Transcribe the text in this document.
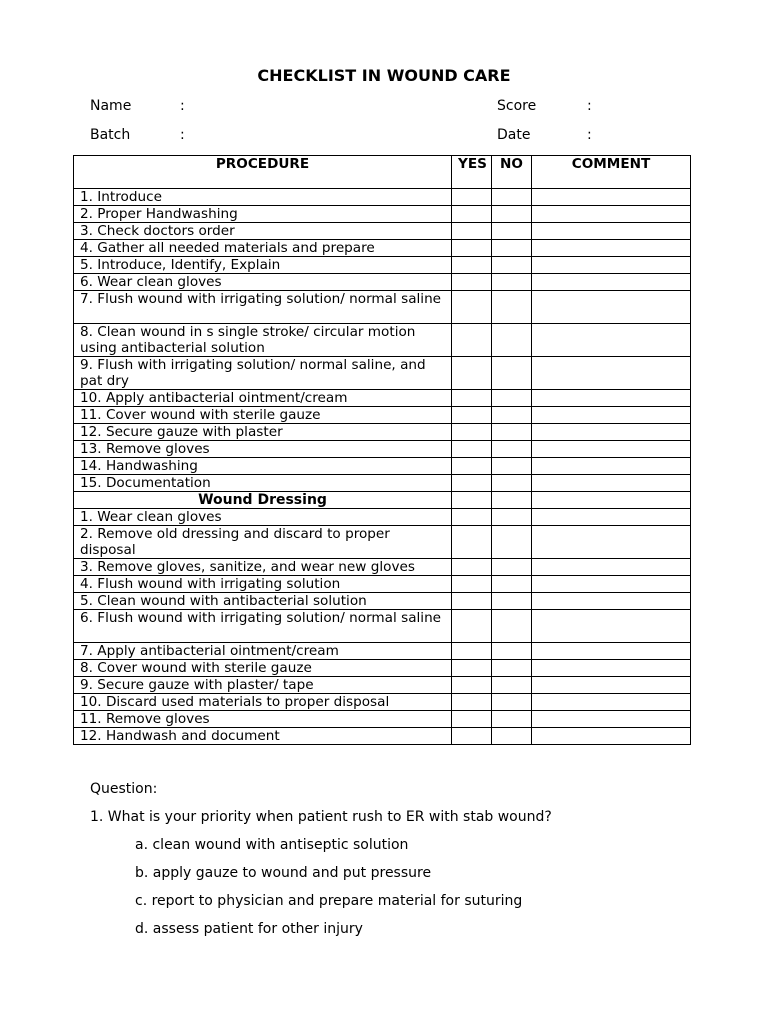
CHECKLIST IN WOUND CARE
Name	:	Score	:
Batch	:	Date	:
PROCEDURE	YES	NO	COMMENT
1. Introduce			
2. Proper Handwashing			
3. Check doctors order			
4. Gather all needed materials and prepare			
5. Introduce, Identify, Explain			
6. Wear clean gloves			
7. Flush wound with irrigating solution/ normal saline			
8. Clean wound in s single stroke/ circular motion using antibacterial solution			
9. Flush with irrigating solution/ normal saline, and pat dry			
10. Apply antibacterial ointment/cream			
11. Cover wound with sterile gauze			
12. Secure gauze with plaster			
13. Remove gloves			
14. Handwashing			
15. Documentation			
Wound Dressing			
1. Wear clean gloves			
2. Remove old dressing and discard to proper disposal			
3. Remove gloves, sanitize, and wear new gloves			
4. Flush wound with irrigating solution			
5. Clean wound with antibacterial solution			
6. Flush wound with irrigating solution/ normal saline			
7. Apply antibacterial ointment/cream			
8. Cover wound with sterile gauze			
9. Secure gauze with plaster/ tape			
10. Discard used materials to proper disposal			
11. Remove gloves			
12. Handwash and document			
Question:
1. What is your priority when patient rush to ER with stab wound?
a. clean wound with antiseptic solution
b. apply gauze to wound and put pressure
c. report to physician and prepare material for suturing
d. assess patient for other injury
